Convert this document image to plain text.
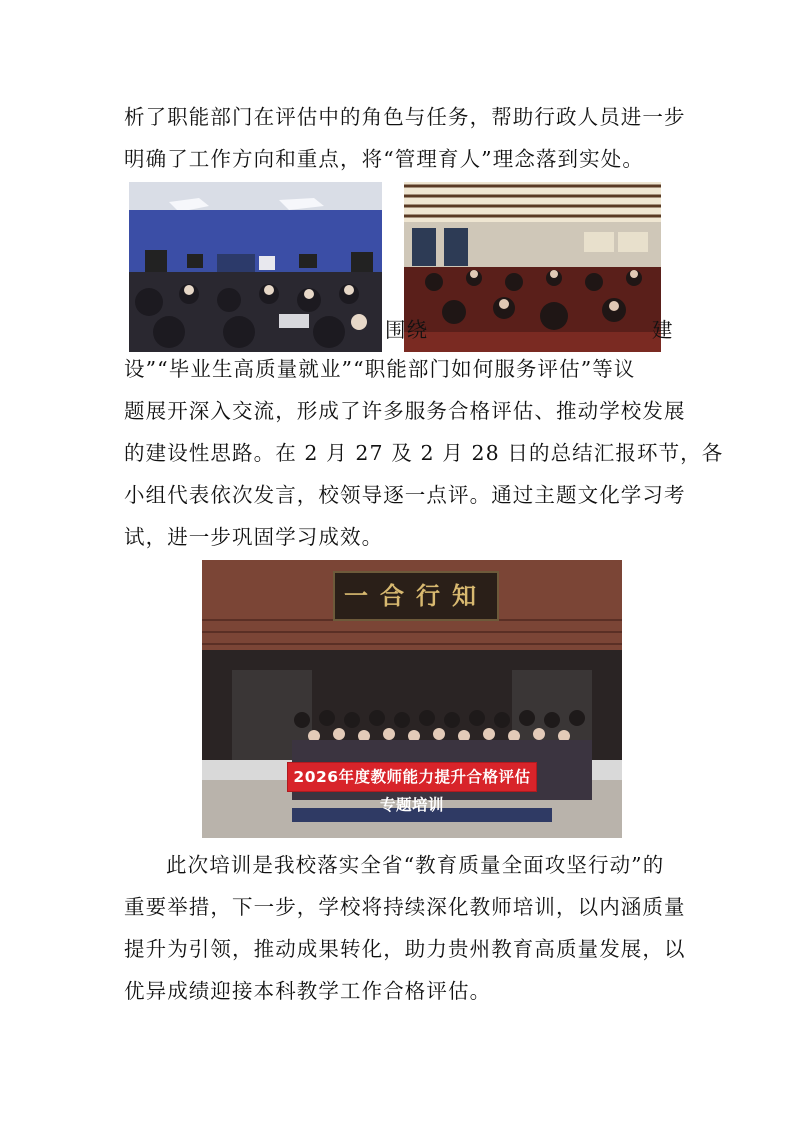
析了职能部门在评估中的角色与任务，帮助行政人员进一步
明确了工作方向和重点，将“管理育人”理念落到实处。
围绕	建
设”“毕业生高质量就业”“职能部门如何服务评估”等议
题展开深入交流，形成了许多服务合格评估、推动学校发展
的建设性思路。在 2 月 27 及 2 月 28 日的总结汇报环节，各
小组代表依次发言，校领导逐一点评。通过主题文化学习考
试，进一步巩固学习成效。
一合行知
2026年度教师能力提升合格评估专题培训
此次培训是我校落实全省“教育质量全面攻坚行动”的
重要举措，下一步，学校将持续深化教师培训，以内涵质量
提升为引领，推动成果转化，助力贵州教育高质量发展，以
优异成绩迎接本科教学工作合格评估。
